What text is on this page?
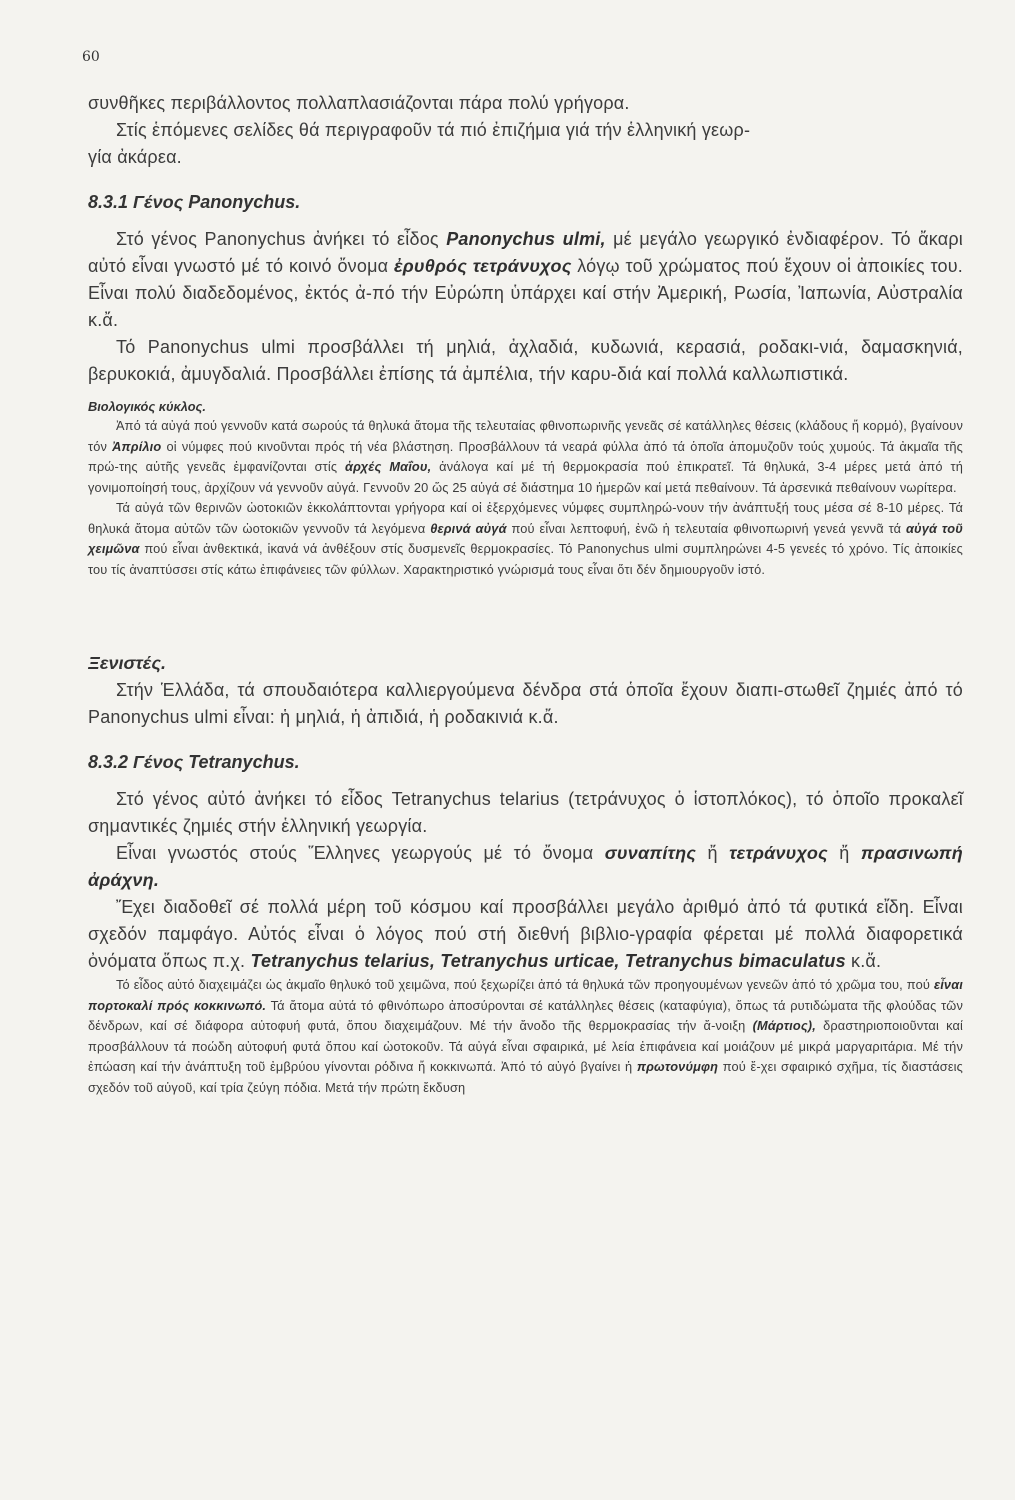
60

συνθῆκες περιβάλλοντος πολλαπλασιάζονται πάρα πολύ γρήγορα.

Στίς ἑπόμενες σελίδες θά περιγραφοῦν τά πιό ἐπιζήμια γιά τήν ἑλληνική γεωρ-
γία ἀκάρεα.

8.3.1 Γένος Panonychus.

Στό γένος Panonychus ἀνήκει τό εἶδος Panonychus ulmi, μέ μεγάλο γεωργικό ἐνδιαφέρον. Τό ἄκαρι αὐτό εἶναι γνωστό μέ τό κοινό ὄνομα ἐρυθρός τετράνυχος λόγῳ τοῦ χρώματος πού ἔχουν οἱ ἀποικίες του. Εἶναι πολύ διαδεδομένος, ἐκτός ἀ-πό τήν Εὐρώπη ὑπάρχει καί στήν Ἀμερική, Ρωσία, Ἰαπωνία, Αὐστραλία κ.ἄ.

Τό Panonychus ulmi προσβάλλει τή μηλιά, ἀχλαδιά, κυδωνιά, κερασιά, ροδακι-νιά, δαμασκηνιά, βερυκοκιά, ἀμυγδαλιά. Προσβάλλει ἐπίσης τά ἀμπέλια, τήν καρυ-διά καί πολλά καλλωπιστικά.

Βιολογικός κύκλος.

Ἀπό τά αὐγά πού γεννοῦν κατά σωρούς τά θηλυκά ἄτομα τῆς τελευταίας φθινοπωρινῆς γενεᾶς σέ κατάλληλες θέσεις (κλάδους ἤ κορμό), βγαίνουν τόν Ἀπρίλιο οἱ νύμφες πού κινοῦνται πρός τή νέα βλάστηση. Προσβάλλουν τά νεαρά φύλλα ἀπό τά ὁποῖα ἀπομυζοῦν τούς χυμούς. Τά ἀκμαῖα τῆς πρώ-της αὐτῆς γενεᾶς ἐμφανίζονται στίς ἀρχές Μαΐου, ἀνάλογα καί μέ τή θερμοκρασία πού ἐπικρατεῖ. Τά θηλυκά, 3-4 μέρες μετά ἀπό τή γονιμοποίησή τους, ἀρχίζουν νά γεννοῦν αὐγά. Γεννοῦν 20 ὥς 25 αὐγά σέ διάστημα 10 ἡμερῶν καί μετά πεθαίνουν. Τά ἀρσενικά πεθαίνουν νωρίτερα.

Τά αὐγά τῶν θερινῶν ὠοτοκιῶν ἐκκολάπτονται γρήγορα καί οἱ ἐξερχόμενες νύμφες συμπληρώ-νουν τήν ἀνάπτυξή τους μέσα σέ 8-10 μέρες. Τά θηλυκά ἄτομα αὐτῶν τῶν ὠοτοκιῶν γεννοῦν τά λεγόμενα θερινά αὐγά πού εἶναι λεπτοφυή, ἐνῶ ἡ τελευταία φθινοπωρινή γενεά γεννᾶ τά αὐγά τοῦ χειμῶνα πού εἶναι ἀνθεκτικά, ἱκανά νά ἀνθέξουν στίς δυσμενεῖς θερμοκρασίες. Τό Panonychus ulmi συμπληρώνει 4-5 γενεές τό χρόνο. Τίς ἀποικίες του τίς ἀναπτύσσει στίς κάτω ἐπιφάνειες τῶν φύλλων. Χαρακτηριστικό γνώρισμά τους εἶναι ὅτι δέν δημιουργοῦν ἱστό.

Ξενιστές.

Στήν Ἑλλάδα, τά σπουδαιότερα καλλιεργούμενα δένδρα στά ὁποῖα ἔχουν διαπι-στωθεῖ ζημιές ἀπό τό Panonychus ulmi εἶναι: ἡ μηλιά, ἡ ἀπιδιά, ἡ ροδακινιά κ.ἄ.

8.3.2 Γένος Tetranychus.

Στό γένος αὐτό ἀνήκει τό εἶδος Tetranychus telarius (τετράνυχος ὁ ἱστοπλόκος), τό ὁποῖο προκαλεῖ σημαντικές ζημιές στήν ἑλληνική γεωργία.

Εἶναι γνωστός στούς Ἕλληνες γεωργούς μέ τό ὄνομα συναπίτης ἤ τετράνυχος ἤ πρασινωπή ἀράχνη.

Ἔχει διαδοθεῖ σέ πολλά μέρη τοῦ κόσμου καί προσβάλλει μεγάλο ἀριθμό ἀπό τά φυτικά εἴδη. Εἶναι σχεδόν παμφάγο. Αὐτός εἶναι ὁ λόγος πού στή διεθνή βιβλιο-γραφία φέρεται μέ πολλά διαφορετικά ὀνόματα ὅπως π.χ. Tetranychus telarius, Tetranychus urticae, Tetranychus bimaculatus κ.ἄ.

Τό εἶδος αὐτό διαχειμάζει ὡς ἀκμαῖο θηλυκό τοῦ χειμῶνα, πού ξεχωρίζει ἀπό τά θηλυκά τῶν προηγουμένων γενεῶν ἀπό τό χρῶμα του, πού εἶναι πορτοκαλί πρός κοκκινωπό. Τά ἄτομα αὐτά τό φθινόπωρο ἀποσύρονται σέ κατάλληλες θέσεις (καταφύγια), ὅπως τά ρυτιδώματα τῆς φλούδας τῶν δένδρων, καί σέ διάφορα αὐτοφυή φυτά, ὅπου διαχειμάζουν. Μέ τήν ἄνοδο τῆς θερμοκρασίας τήν ἄ-νοιξη (Μάρτιος), δραστηριοποιοῦνται καί προσβάλλουν τά ποώδη αὐτοφυή φυτά ὅπου καί ὠοτοκοῦν. Τά αὐγά εἶναι σφαιρικά, μέ λεία ἐπιφάνεια καί μοιάζουν μέ μικρά μαργαριτάρια. Μέ τήν ἐπώαση καί τήν ἀνάπτυξη τοῦ ἐμβρύου γίνονται ρόδινα ἤ κοκκινωπά. Ἀπό τό αὐγό βγαίνει ἡ πρωτονύμφη πού ἔ-χει σφαιρικό σχῆμα, τίς διαστάσεις σχεδόν τοῦ αὐγοῦ, καί τρία ζεύγη πόδια. Μετά τήν πρώτη ἔκδυση
